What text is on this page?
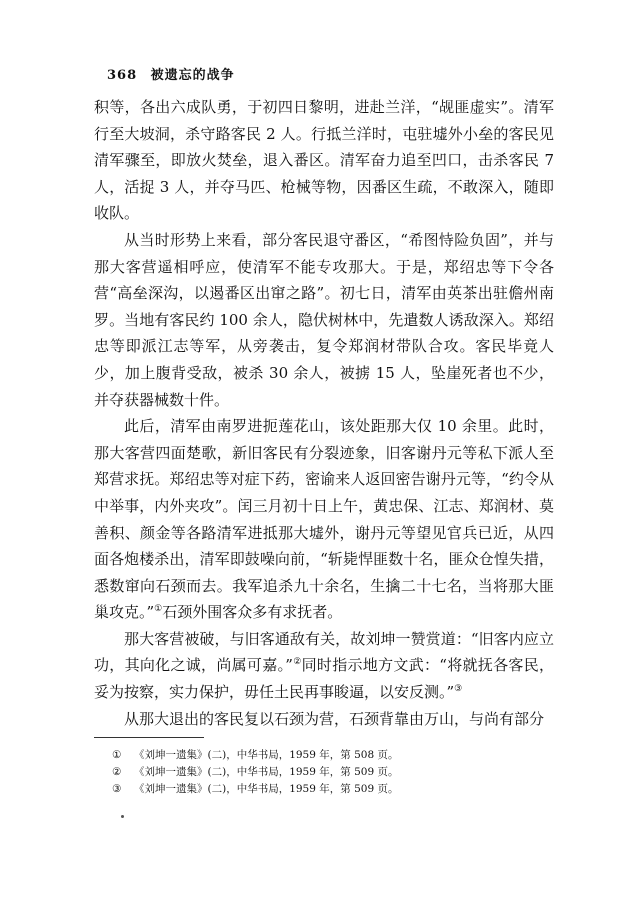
368 被遗忘的战争

积等，各出六成队勇，于初四日黎明，进赴兰洋，“觇匪虚实”。清军行至大坡洞，杀守路客民 2 人。行抵兰洋时，屯驻墟外小垒的客民见清军骤至，即放火焚垒，退入番区。清军奋力追至凹口，击杀客民 7 人，活捉 3 人，并夺马匹、枪械等物，因番区生疏，不敢深入，随即收队。

从当时形势上来看，部分客民退守番区，“希图恃险负固”，并与那大客营遥相呼应，使清军不能专攻那大。于是，郑绍忠等下令各营“高垒深沟，以遏番区出窜之路”。初七日，清军由英茶出驻儋州南罗。当地有客民约 100 余人，隐伏树林中，先遣数人诱敌深入。郑绍忠等即派江志等军，从旁袭击，复令郑润材带队合攻。客民毕竟人少，加上腹背受敌，被杀 30 余人，被掳 15 人，坠崖死者也不少，并夺获器械数十件。

此后，清军由南罗进扼莲花山，该处距那大仅 10 余里。此时，那大客营四面楚歌，新旧客民有分裂迹象，旧客谢丹元等私下派人至郑营求抚。郑绍忠等对症下药，密谕来人返回密告谢丹元等，“约令从中举事，内外夹攻”。闰三月初十日上午，黄忠保、江志、郑润材、莫善积、颜金等各路清军进抵那大墟外，谢丹元等望见官兵已近，从四面各炮楼杀出，清军即鼓噪向前，“斩毙悍匪数十名，匪众仓惶失措，悉数窜向石颈而去。我军追杀九十余名，生擒二十七名，当将那大匪巢攻克。”①石颈外围客众多有求抚者。

那大客营被破，与旧客通敌有关，故刘坤一赞赏道：“旧客内应立功，其向化之诚，尚属可嘉。”②同时指示地方文武：“将就抚各客民，妥为按察，实力保护，毋任土民再事睃逼，以安反测。”③

从那大退出的客民复以石颈为营，石颈背靠由万山，与尚有部分

① 《刘坤一遗集》(二)，中华书局，1959 年，第 508 页。
② 《刘坤一遗集》(二)，中华书局，1959 年，第 509 页。
③ 《刘坤一遗集》(二)，中华书局，1959 年，第 509 页。
